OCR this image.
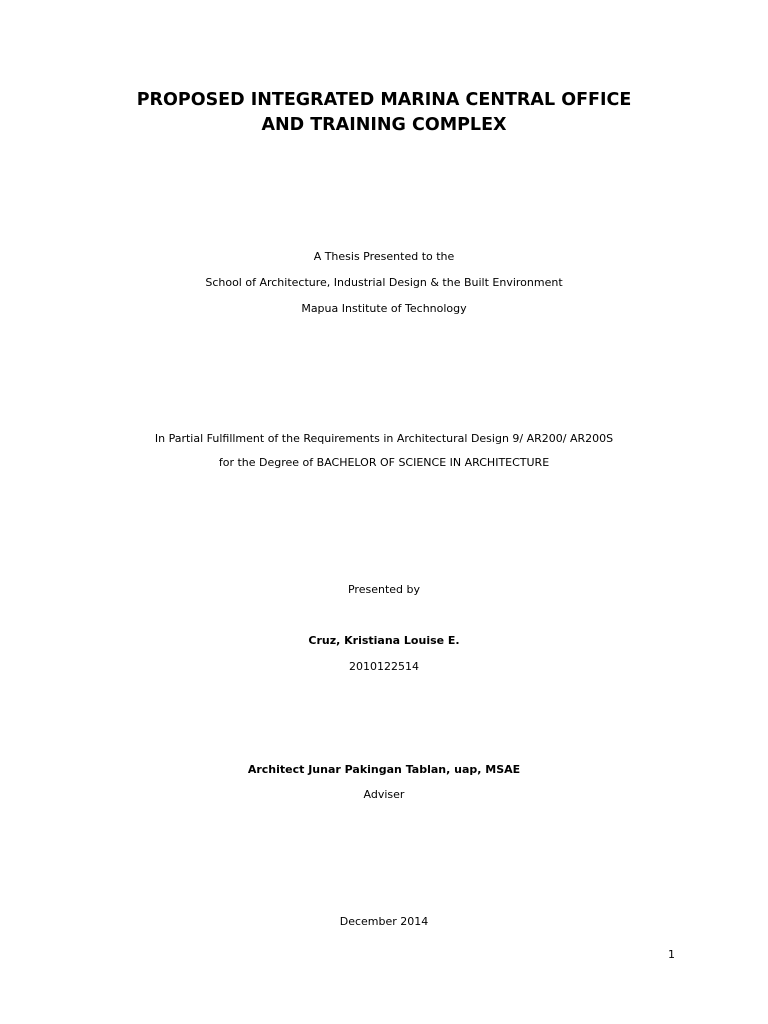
PROPOSED INTEGRATED MARINA CENTRAL OFFICE
AND TRAINING COMPLEX
A Thesis Presented to the
School of Architecture, Industrial Design & the Built Environment
Mapua Institute of Technology
In Partial Fulfillment of the Requirements in Architectural Design 9/ AR200/ AR200S
for the Degree of BACHELOR OF SCIENCE IN ARCHITECTURE
Presented by
Cruz, Kristiana Louise E.
2010122514
Architect Junar Pakingan Tablan, uap, MSAE
Adviser
December 2014
1
